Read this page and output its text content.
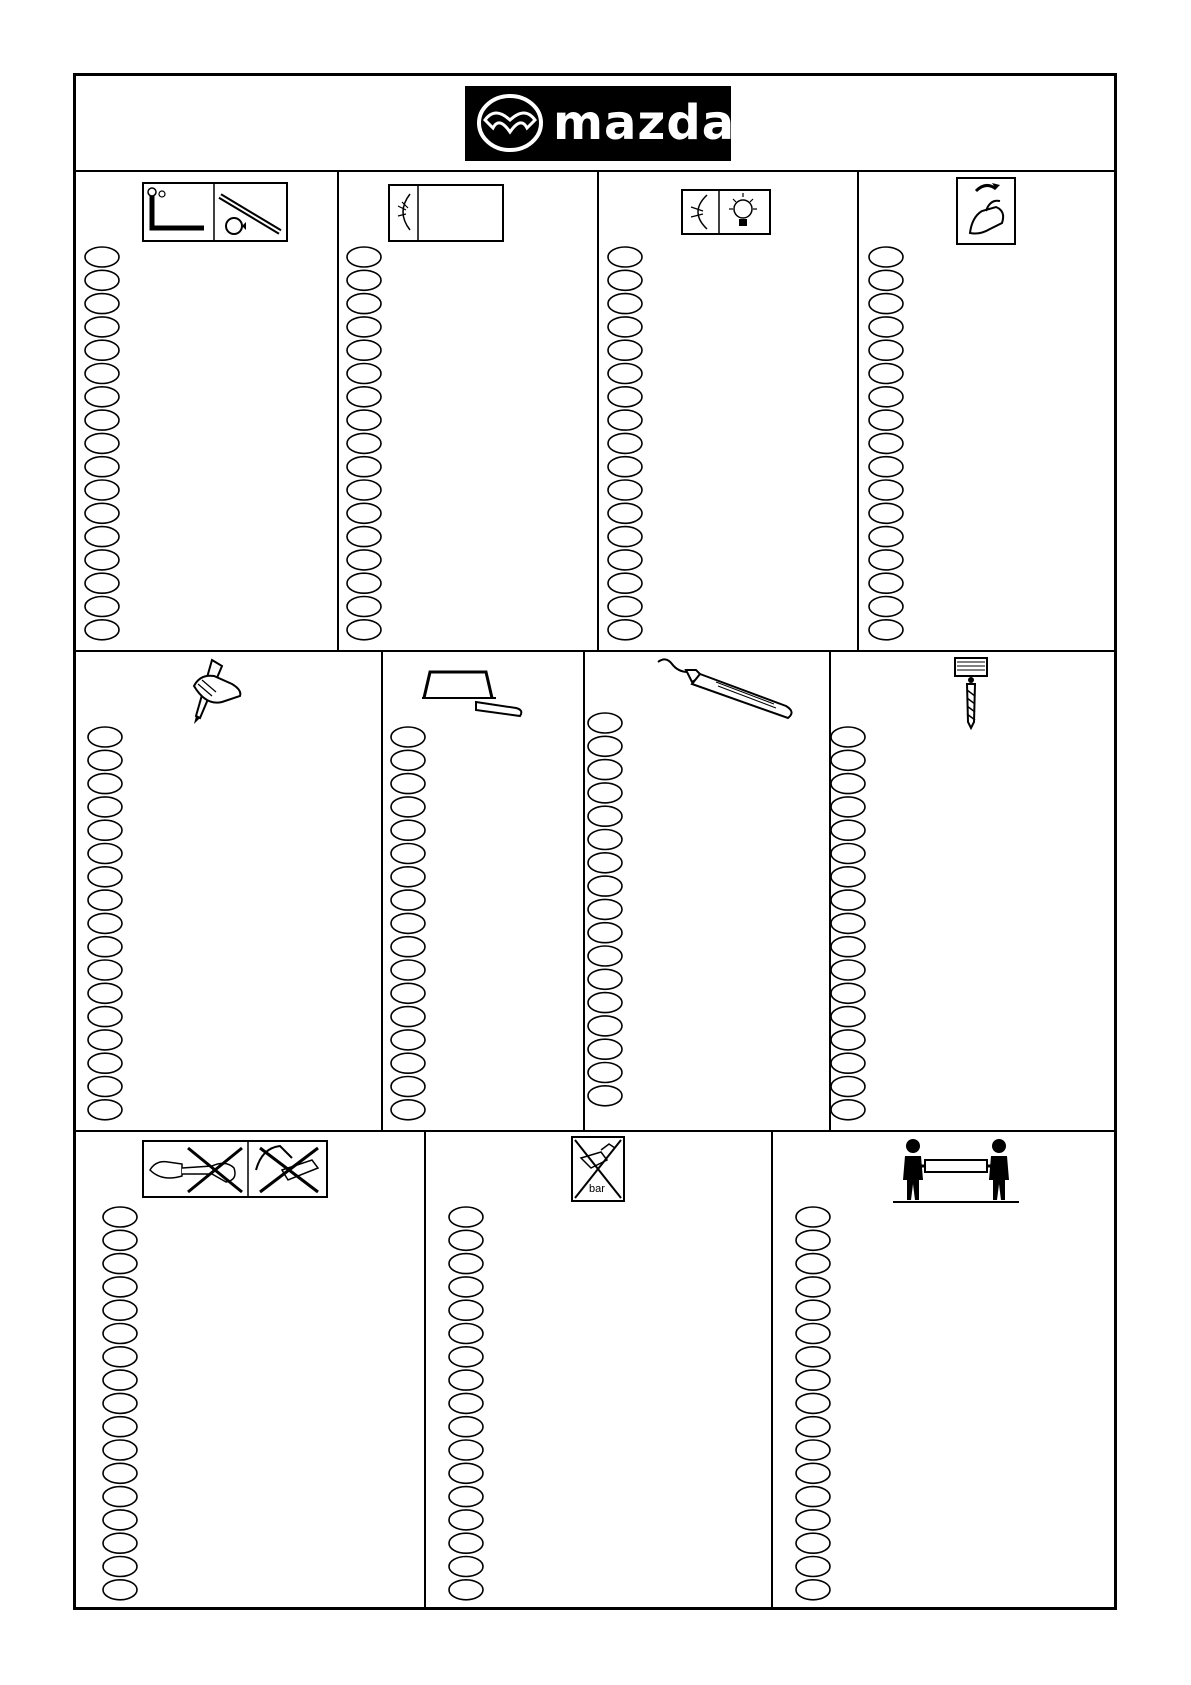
mazda
bar
